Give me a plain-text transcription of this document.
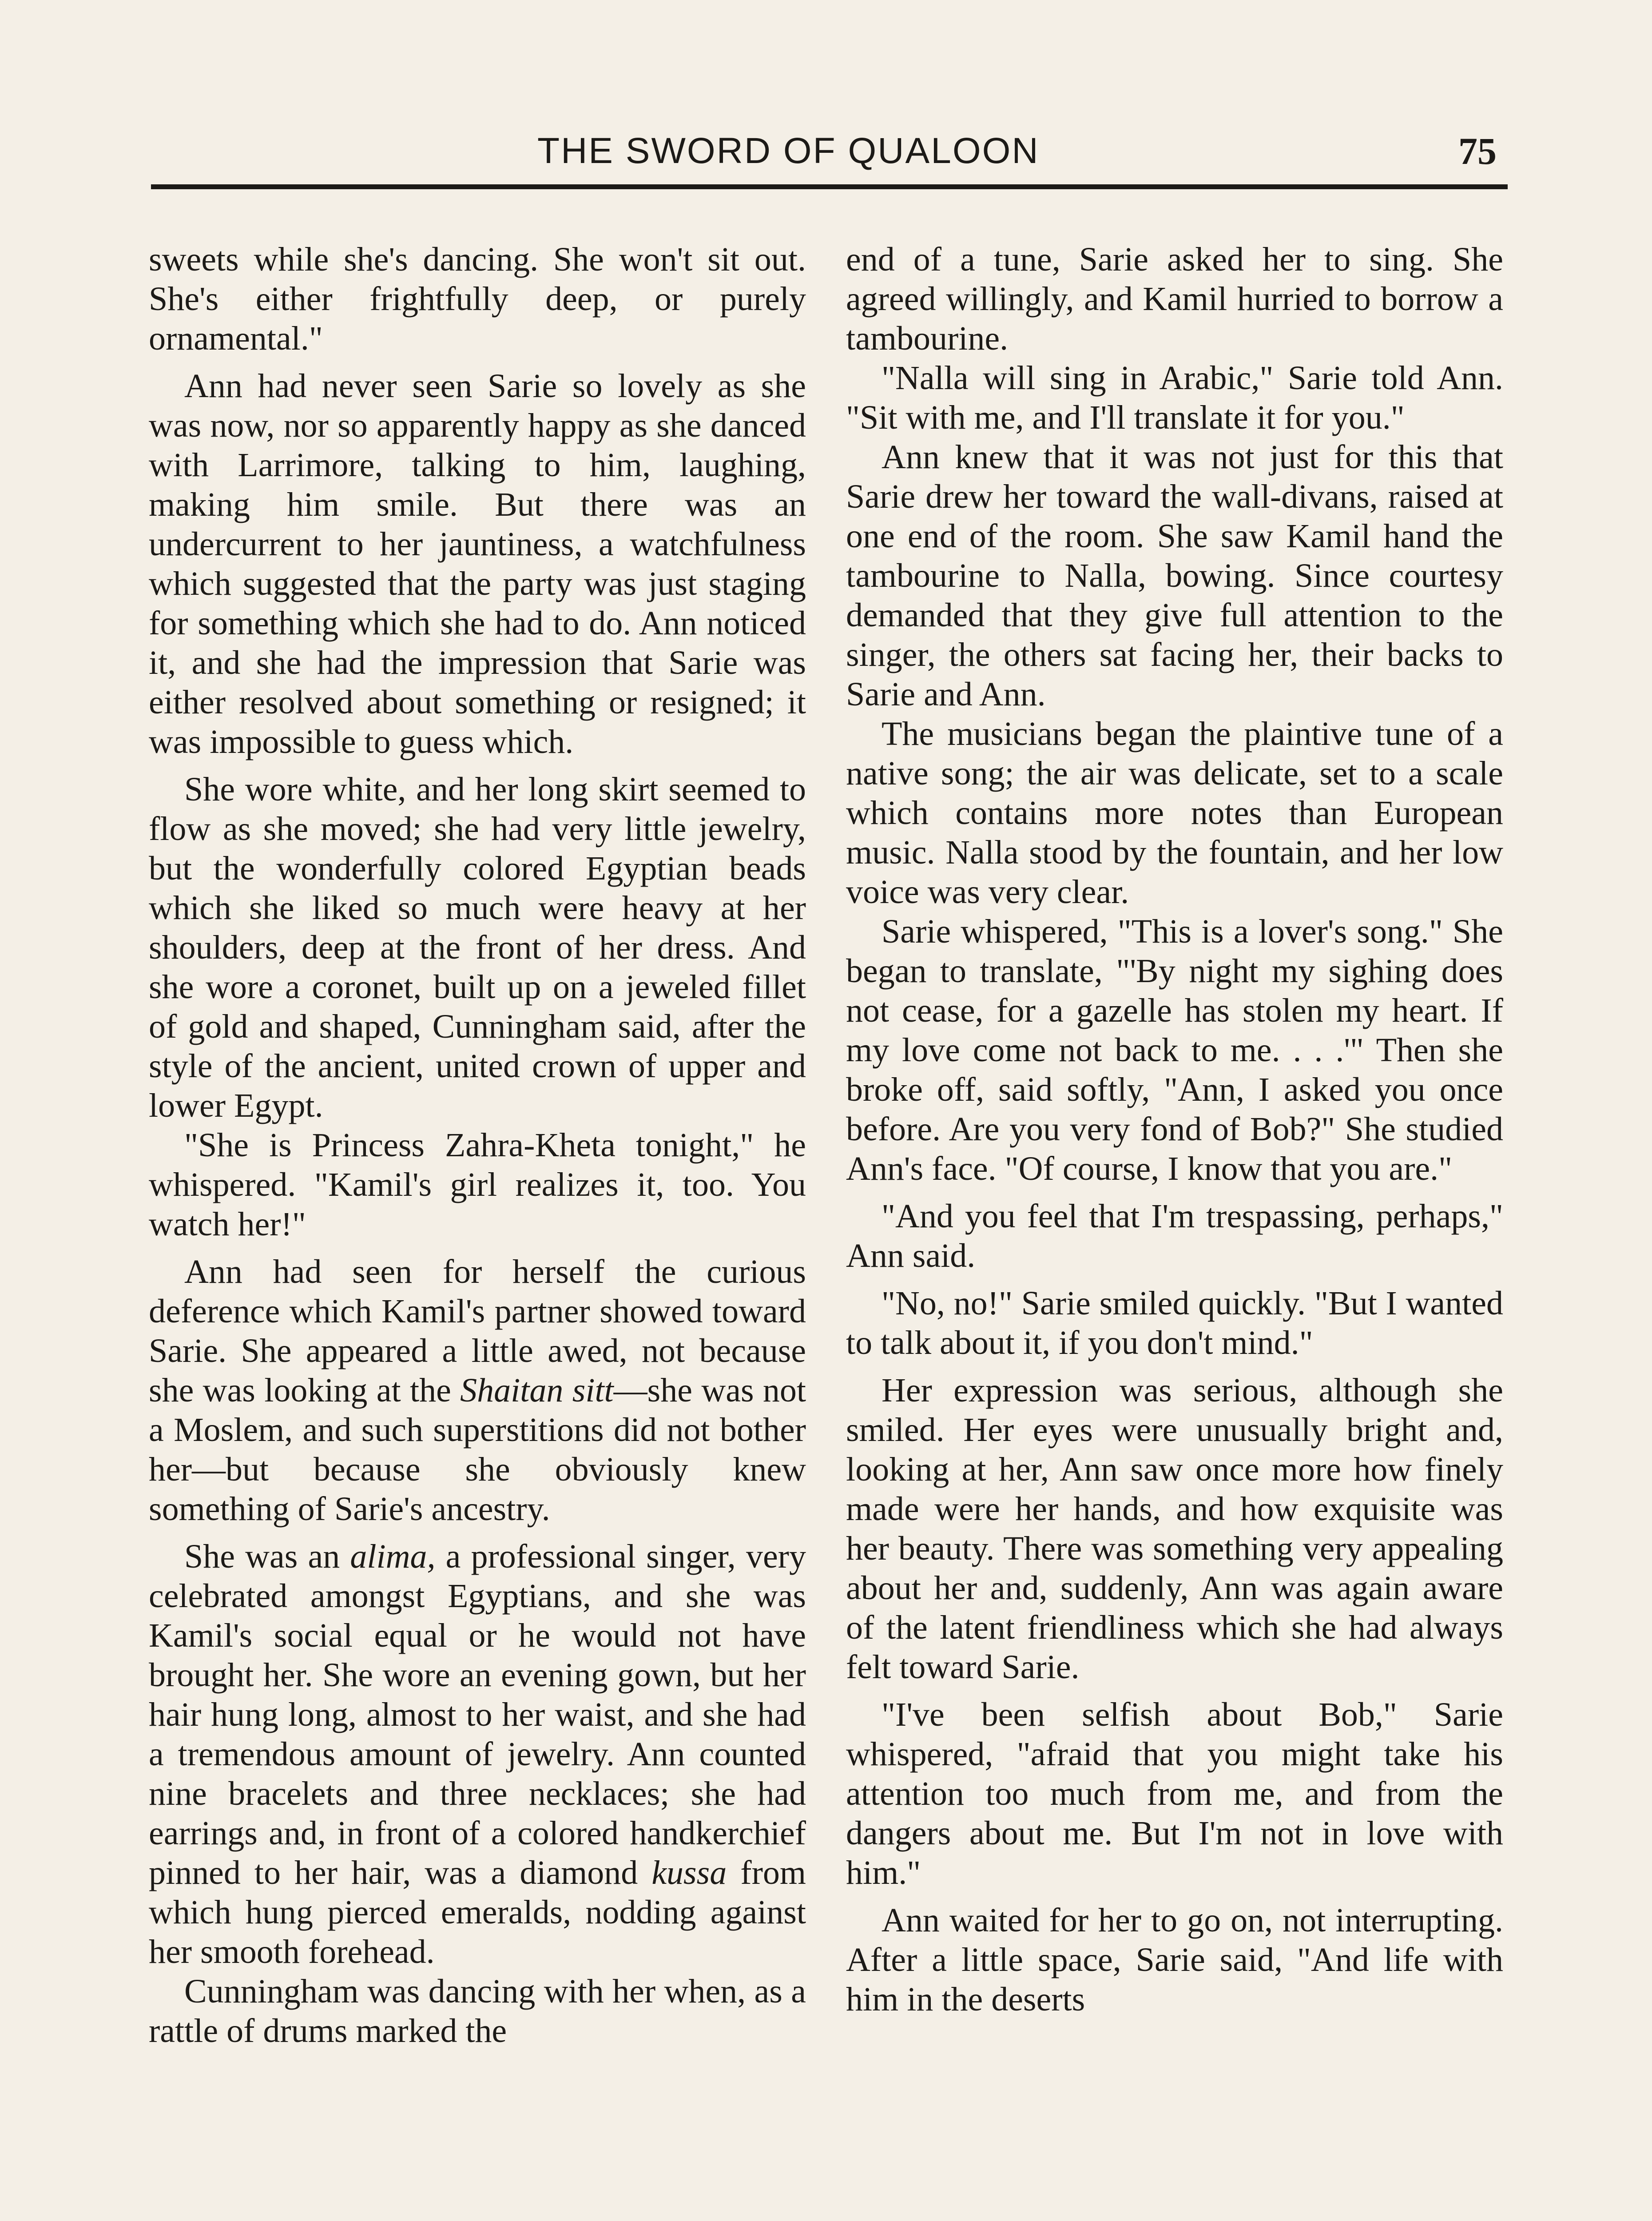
THE SWORD OF QUALOON	75

sweets while she's dancing. She won't sit out. She's either frightfully deep, or purely ornamental."

Ann had never seen Sarie so lovely as she was now, nor so apparently happy as she danced with Larrimore, talking to him, laughing, making him smile. But there was an undercurrent to her jauntiness, a watchfulness which suggested that the party was just staging for something which she had to do. Ann noticed it, and she had the impression that Sarie was either resolved about something or resigned; it was impossible to guess which.

She wore white, and her long skirt seemed to flow as she moved; she had very little jewelry, but the wonderfully colored Egyptian beads which she liked so much were heavy at her shoulders, deep at the front of her dress. And she wore a coronet, built up on a jeweled fillet of gold and shaped, Cunningham said, after the style of the ancient, united crown of upper and lower Egypt.

"She is Princess Zahra-Kheta tonight," he whispered. "Kamil's girl realizes it, too. You watch her!"

Ann had seen for herself the curious deference which Kamil's partner showed toward Sarie. She appeared a little awed, not because she was looking at the Shaitan sitt—she was not a Moslem, and such superstitions did not bother her—but because she obviously knew something of Sarie's ancestry.

She was an alima, a professional singer, very celebrated amongst Egyptians, and she was Kamil's social equal or he would not have brought her. She wore an evening gown, but her hair hung long, almost to her waist, and she had a tremendous amount of jewelry. Ann counted nine bracelets and three necklaces; she had earrings and, in front of a colored handkerchief pinned to her hair, was a diamond kussa from which hung pierced emeralds, nodding against her smooth forehead.

Cunningham was dancing with her when, as a rattle of drums marked the

end of a tune, Sarie asked her to sing. She agreed willingly, and Kamil hurried to borrow a tambourine.

"Nalla will sing in Arabic," Sarie told Ann. "Sit with me, and I'll translate it for you."

Ann knew that it was not just for this that Sarie drew her toward the wall-divans, raised at one end of the room. She saw Kamil hand the tambourine to Nalla, bowing. Since courtesy demanded that they give full attention to the singer, the others sat facing her, their backs to Sarie and Ann.

The musicians began the plaintive tune of a native song; the air was delicate, set to a scale which contains more notes than European music. Nalla stood by the fountain, and her low voice was very clear.

Sarie whispered, "This is a lover's song." She began to translate, "'By night my sighing does not cease, for a gazelle has stolen my heart. If my love come not back to me. . . .'" Then she broke off, said softly, "Ann, I asked you once before. Are you very fond of Bob?" She studied Ann's face. "Of course, I know that you are."

"And you feel that I'm trespassing, perhaps," Ann said.

"No, no!" Sarie smiled quickly. "But I wanted to talk about it, if you don't mind."

Her expression was serious, although she smiled. Her eyes were unusually bright and, looking at her, Ann saw once more how finely made were her hands, and how exquisite was her beauty. There was something very appealing about her and, suddenly, Ann was again aware of the latent friendliness which she had always felt toward Sarie.

"I've been selfish about Bob," Sarie whispered, "afraid that you might take his attention too much from me, and from the dangers about me. But I'm not in love with him."

Ann waited for her to go on, not interrupting. After a little space, Sarie said, "And life with him in the deserts
